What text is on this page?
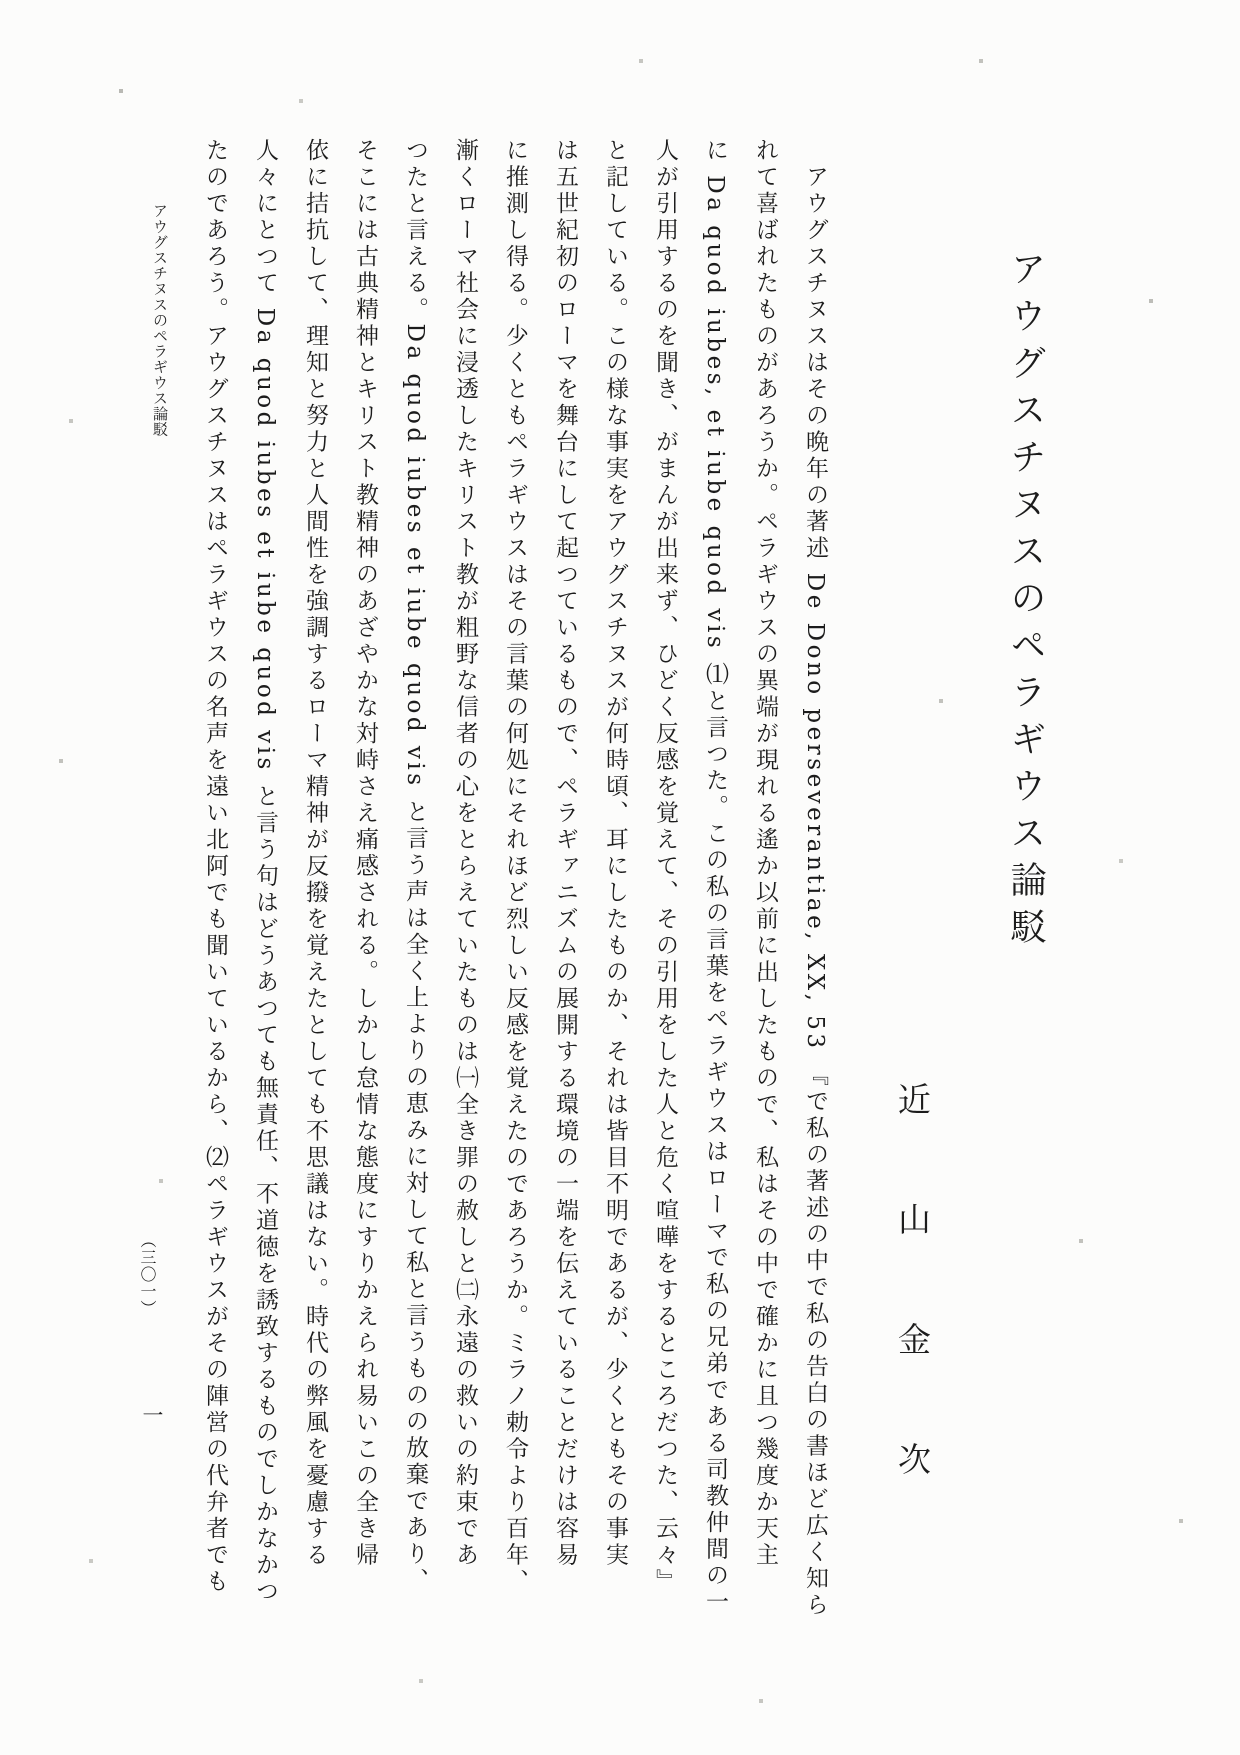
アウグスチヌスのペラギウス論駁
近山金次
　アウグスチヌスはその晩年の著述 De Dono perseverantiae, XX, 53 『で私の著述の中で私の告白の書ほど広く知ら
れて喜ばれたものがあろうか。ペラギウスの異端が現れる遙か以前に出したもので、私はその中で確かに且つ幾度か天主
に Da quod iubes, et iube quod vis ⑴と言つた。この私の言葉をペラギウスはローマで私の兄弟である司教仲間の一
人が引用するのを聞き、がまんが出来ず、ひどく反感を覚えて、その引用をした人と危く喧嘩をするところだつた、云々』
と記している。この様な事実をアウグスチヌスが何時頃、耳にしたものか、それは皆目不明であるが、少くともその事実
は五世紀初のローマを舞台にして起つているもので、ペラギァニズムの展開する環境の一端を伝えていることだけは容易
に推測し得る。少くともペラギウスはその言葉の何処にそれほど烈しい反感を覚えたのであろうか。ミラノ勅令より百年、
漸くローマ社会に浸透したキリスト教が粗野な信者の心をとらえていたものは㈠全き罪の赦しと㈡永遠の救いの約束であ
つたと言える。Da quod iubes et iube quod vis と言う声は全く上よりの恵みに対して私と言うものの放棄であり、
そこには古典精神とキリスト教精神のあざやかな対峙さえ痛感される。しかし怠情な態度にすりかえられ易いこの全き帰
依に拮抗して、理知と努力と人間性を強調するローマ精神が反撥を覚えたとしても不思議はない。時代の弊風を憂慮する
人々にとつて Da quod iubes et iube quod vis と言う句はどうあつても無責任、不道徳を誘致するものでしかなかつ
たのであろう。アウグスチヌスはペラギウスの名声を遠い北阿でも聞いているから、⑵ペラギウスがその陣営の代弁者でも
アウグスチヌスのペラギウス論駁
（三〇一）
一
